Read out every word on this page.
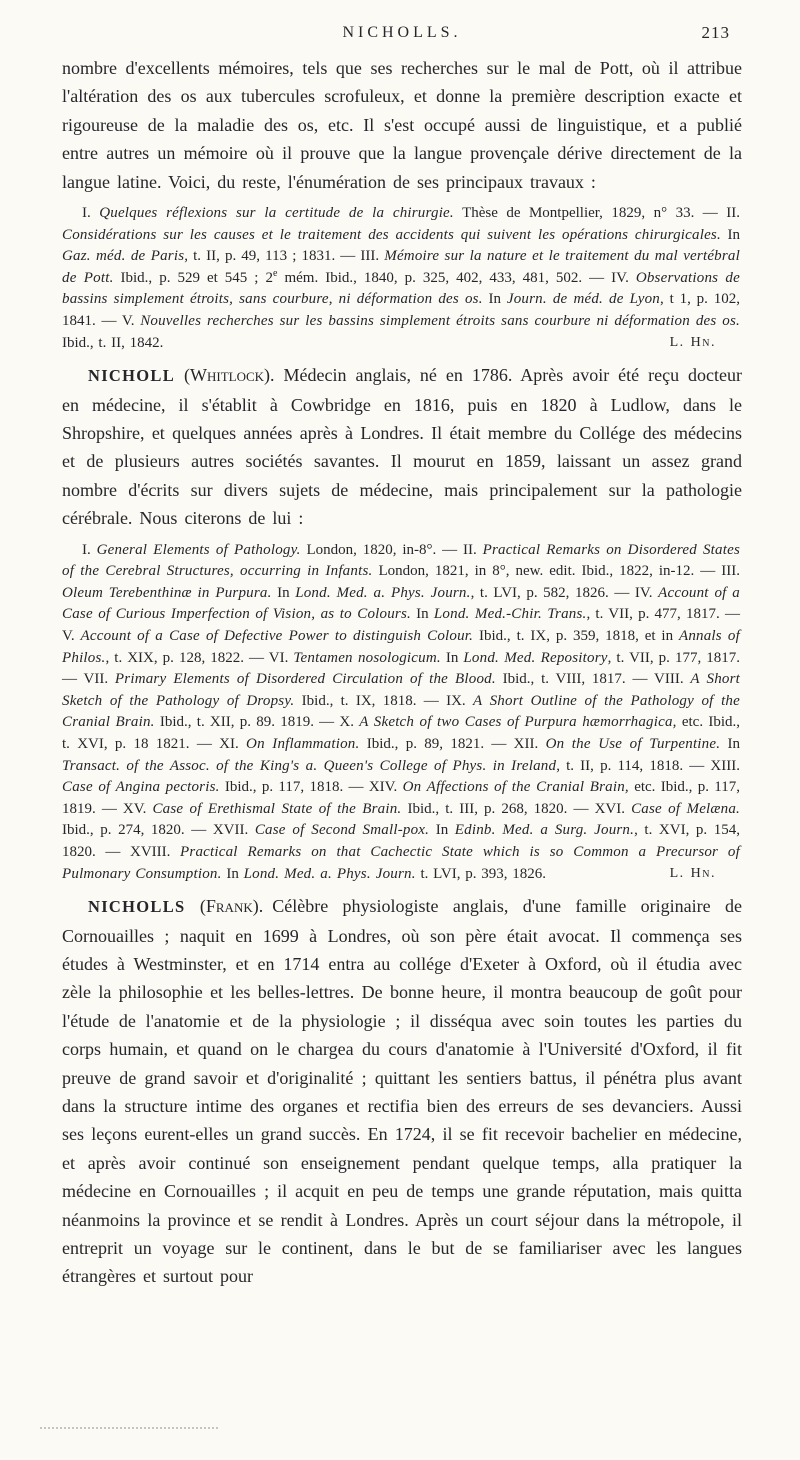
NICHOLLS.	213

nombre d'excellents mémoires, tels que ses recherches sur le mal de Pott, où il attribue l'altération des os aux tubercules scrofuleux, et donne la première description exacte et rigoureuse de la maladie des os, etc. Il s'est occupé aussi de linguistique, et a publié entre autres un mémoire où il prouve que la langue provençale dérive directement de la langue latine. Voici, du reste, l'énumération de ses principaux travaux :

I. Quelques réflexions sur la certitude de la chirurgie. Thèse de Montpellier, 1829, n° 33. — II. Considérations sur les causes et le traitement des accidents qui suivent les opérations chirurgicales. In Gaz. méd. de Paris, t. II, p. 49, 113 ; 1831. — III. Mémoire sur la nature et le traitement du mal vertébral de Pott. Ibid., p. 529 et 545 ; 2e mém. Ibid., 1840, p. 325, 402, 433, 481, 502. — IV. Observations de bassins simplement étroits, sans courbure, ni déformation des os. In Journ. de méd. de Lyon, t 1, p. 102, 1841. — V. Nouvelles recherches sur les bassins simplement étroits sans courbure ni déformation des os. Ibid., t. II, 1842.	L. Hn.

NICHOLL (Whitlock). Médecin anglais, né en 1786. Après avoir été reçu docteur en médecine, il s'établit à Cowbridge en 1816, puis en 1820 à Ludlow, dans le Shropshire, et quelques années après à Londres. Il était membre du Collége des médecins et de plusieurs autres sociétés savantes. Il mourut en 1859, laissant un assez grand nombre d'écrits sur divers sujets de médecine, mais principalement sur la pathologie cérébrale. Nous citerons de lui :

I. General Elements of Pathology. London, 1820, in-8°. — II. Practical Remarks on Disordered States of the Cerebral Structures, occurring in Infants. London, 1821, in 8°, new. edit. Ibid., 1822, in-12. — III. Oleum Terebenthinæ in Purpura. In Lond. Med. a. Phys. Journ., t. LVI, p. 582, 1826. — IV. Account of a Case of Curious Imperfection of Vision, as to Colours. In Lond. Med.-Chir. Trans., t. VII, p. 477, 1817. — V. Account of a Case of Defective Power to distinguish Colour. Ibid., t. IX, p. 359, 1818, et in Annals of Philos., t. XIX, p. 128, 1822. — VI. Tentamen nosologicum. In Lond. Med. Repository, t. VII, p. 177, 1817. — VII. Primary Elements of Disordered Circulation of the Blood. Ibid., t. VIII, 1817. — VIII. A Short Sketch of the Pathology of Dropsy. Ibid., t. IX, 1818. — IX. A Short Outline of the Pathology of the Cranial Brain. Ibid., t. XII, p. 89. 1819. — X. A Sketch of two Cases of Purpura hæmorrhagica, etc. Ibid., t. XVI, p. 18 1821. — XI. On Inflammation. Ibid., p. 89, 1821. — XII. On the Use of Turpentine. In Transact. of the Assoc. of the King's a. Queen's College of Phys. in Ireland, t. II, p. 114, 1818. — XIII. Case of Angina pectoris. Ibid., p. 117, 1818. — XIV. On Affections of the Cranial Brain, etc. Ibid., p. 117, 1819. — XV. Case of Erethismal State of the Brain. Ibid., t. III, p. 268, 1820. — XVI. Case of Melæna. Ibid., p. 274, 1820. — XVII. Case of Second Small-pox. In Edinb. Med. a Surg. Journ., t. XVI, p. 154, 1820. — XVIII. Practical Remarks on that Cachectic State which is so Common a Precursor of Pulmonary Consumption. In Lond. Med. a. Phys. Journ. t. LVI, p. 393, 1826.	L. Hn.

NICHOLLS (Frank). Célèbre physiologiste anglais, d'une famille originaire de Cornouailles ; naquit en 1699 à Londres, où son père était avocat. Il commença ses études à Westminster, et en 1714 entra au collége d'Exeter à Oxford, où il étudia avec zèle la philosophie et les belles-lettres. De bonne heure, il montra beaucoup de goût pour l'étude de l'anatomie et de la physiologie ; il disséqua avec soin toutes les parties du corps humain, et quand on le chargea du cours d'anatomie à l'Université d'Oxford, il fit preuve de grand savoir et d'originalité ; quittant les sentiers battus, il pénétra plus avant dans la structure intime des organes et rectifia bien des erreurs de ses devanciers. Aussi ses leçons eurent-elles un grand succès. En 1724, il se fit recevoir bachelier en médecine, et après avoir continué son enseignement pendant quelque temps, alla pratiquer la médecine en Cornouailles ; il acquit en peu de temps une grande réputation, mais quitta néanmoins la province et se rendit à Londres. Après un court séjour dans la métropole, il entreprit un voyage sur le continent, dans le but de se familiariser avec les langues étrangères et surtout pour
